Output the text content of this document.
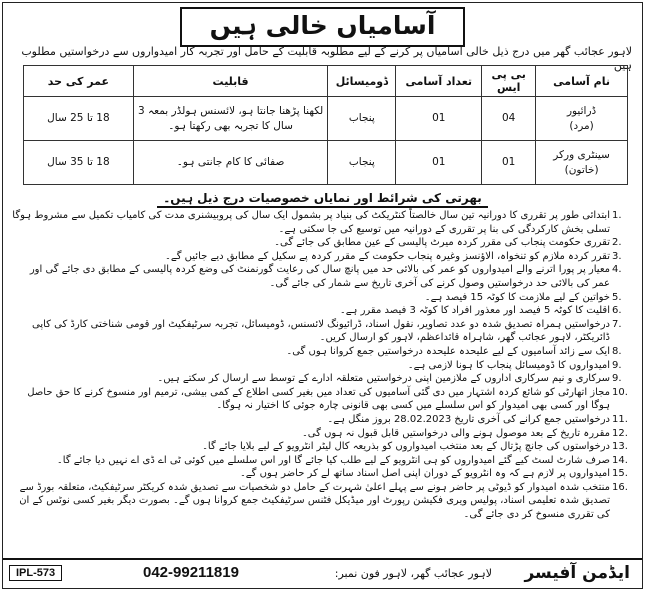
آسامیاں خالی ہیں
لاہور عجائب گھر میں درج ذیل خالی آسامیاں پر کرنے کے لیے مطلوبہ قابلیت کے حامل اور تجربہ کار امیدواروں سے درخواستیں مطلوب ہیں
نام آسامی	بی پی ایس	تعداد آسامی	ڈومیسائل	قابلیت	عمر کی حد

ڈرائیور
(مرد)	04	01	پنجاب	لکھنا پڑھنا جانتا ہو، لائسنس ہولڈر بمعہ 3 سال کا تجربہ بھی رکھتا ہو۔	18 تا 25 سال

سینٹری ورکر
(خاتون)	01	01	پنجاب	صفائی کا کام جانتی ہو۔	18 تا 35 سال
بھرتی کی شرائط اور نمایاں خصوصیات درج ذیل ہیں۔
1.
ابتدائی طور پر تقرری کا دورانیہ تین سال خالصتاً کنٹریکٹ کی بنیاد پر بشمول ایک سال کی پروبیشنری مدت کی کامیاب تکمیل سے مشروط ہوگا تسلی بخش کارکردگی کی بنا پر تقرری کے دورانیہ میں توسیع کی جا سکتی ہے۔
2.
تقرری حکومت پنجاب کی مقرر کردہ میرٹ پالیسی کے عین مطابق کی جائے گی۔
3.
تقرر کردہ ملازم کو تنخواہ، الاؤنسز وغیرہ پنجاب حکومت کے مقرر کردہ پے سکیل کے مطابق دیے جائیں گے۔
4.
معیار پر پورا اترنے والے امیدواروں کو عمر کی بالائی حد میں پانچ سال کی رعایت گورنمنٹ کی وضع کردہ پالیسی کے مطابق دی جائے گی اور عمر کی بالائی حد درخواستیں وصول کرنے کی آخری تاریخ سے شمار کی جائے گی۔
5.
خواتین کے لیے ملازمت کا کوٹہ 15 فیصد ہے۔
6.
اقلیت کا کوٹہ 5 فیصد اور معذور افراد کا کوٹہ 3 فیصد مقرر ہے۔
7.
درخواستیں ہمراہ تصدیق شدہ دو عدد تصاویر، نقول اسناد، ڈرائیونگ لائسنس، ڈومیسائل، تجربہ سرٹیفکیٹ اور قومی شناختی کارڈ کی کاپی ڈائریکٹر، لاہور عجائب گھر، شاہراہ قائداعظم، لاہور کو ارسال کریں۔
8.
ایک سے زائد آسامیوں کے لیے علیحدہ علیحدہ درخواستیں جمع کروانا ہوں گی۔
9.
امیدواروں کا ڈومیسائل پنجاب کا ہونا لازمی ہے۔
9.
سرکاری و نیم سرکاری اداروں کے ملازمین اپنی درخواستیں متعلقہ ادارے کے توسط سے ارسال کر سکتے ہیں۔
10.
مجاز اتھارٹی کو شائع کردہ اشتہار میں دی گئی آسامیوں کی تعداد میں بغیر کسی اطلاع کے کمی بیشی، ترمیم اور منسوخ کرنے کا حق حاصل ہوگا اور کسی بھی امیدوار کو اس سلسلے میں کسی بھی قانونی چارہ جوئی کا اختیار نہ ہوگا۔
11.
درخواستیں جمع کرانے کی آخری تاریخ 28.02.2023 بروز منگل ہے۔
12.
مقررہ تاریخ کے بعد موصول ہونے والی درخواستیں قابل قبول نہ ہوں گی۔
13.
درخواستوں کی جانچ پڑتال کے بعد منتخب امیدواروں کو بذریعہ کال لیٹر انٹرویو کے لیے بلایا جائے گا۔
14.
صرف شارٹ لسٹ کیے گئے امیدواروں کو ہی انٹرویو کے لیے طلب کیا جائے گا اور اس سلسلے میں کوئی ٹی اے ڈی اے نہیں دیا جائے گا۔
15.
امیدواروں پر لازم ہے کہ وہ انٹرویو کے دوران اپنی اصل اسناد ساتھ لے کر حاضر ہوں گے۔
16.
منتخب شدہ امیدوار کو ڈیوٹی پر حاضر ہونے سے پہلے اعلیٰ شہرت کے حامل دو شخصیات سے تصدیق شدہ کریکٹر سرٹیفکیٹ، متعلقہ بورڈ سے تصدیق شدہ تعلیمی اسناد، پولیس ویری فکیشن رپورٹ اور میڈیکل فٹنس سرٹیفکیٹ جمع کروانا ہوں گے۔ بصورت دیگر بغیر کسی نوٹس کے ان کی تقرری منسوخ کر دی جائے گی۔
IPL-573	042-99211819	لاہور عجائب گھر، لاہور فون نمبر: ایڈمن آفیسر
